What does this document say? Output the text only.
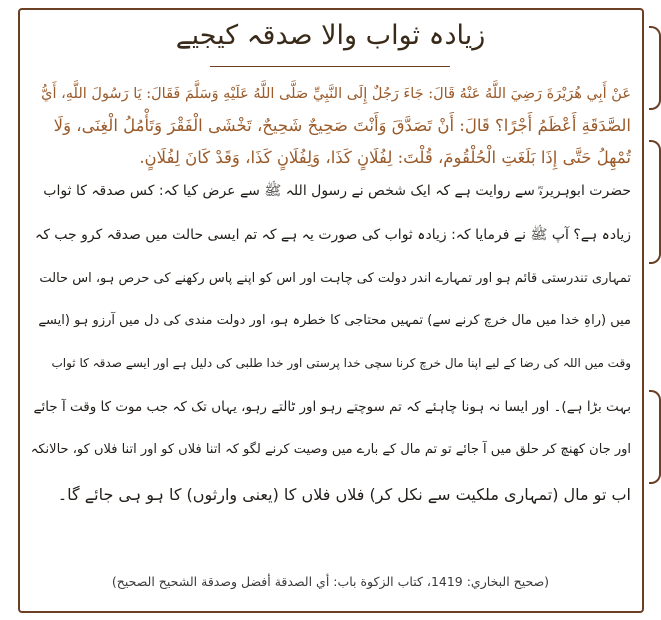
زیادہ ثواب والا صدقہ کیجیے
عَنْ أَبِي هُرَيْرَةَ رَضِيَ اللَّهُ عَنْهُ قَالَ: جَاءَ رَجُلٌ إِلَى النَّبِيِّ صَلَّى اللَّهُ عَلَيْهِ وَسَلَّمَ فَقَالَ: يَا رَسُولَ اللَّهِ، أَيُّ
الصَّدَقَةِ أَعْظَمُ أَجْرًا؟ قَالَ: أَنْ تَصَدَّقَ وَأَنْتَ صَحِيحٌ شَحِيحٌ، تَخْشَى الْفَقْرَ وَتَأْمُلُ الْغِنَى، وَلَا
تُمْهِلُ حَتَّى إِذَا بَلَغَتِ الْحُلْقُومَ، قُلْتَ: لِفُلَانٍ كَذَا، وَلِفُلَانٍ كَذَا، وَقَدْ كَانَ لِفُلَانٍ.
حضرت ابوہریرہؓ سے روایت ہے کہ ایک شخص نے رسول اللہ ﷺ سے عرض کیا کہ: کس صدقہ کا ثواب
زیادہ ہے؟ آپ ﷺ نے فرمایا کہ: زیادہ ثواب کی صورت یہ ہے کہ تم ایسی حالت میں صدقہ کرو جب کہ
تمہاری تندرستی قائم ہو اور تمہارے اندر دولت کی چاہت اور اس کو اپنے پاس رکھنے کی حرص ہو، اس حالت
میں (راہِ خدا میں مال خرچ کرنے سے) تمہیں محتاجی کا خطرہ ہو، اور دولت مندی کی دل میں آرزو ہو (ایسے
وقت میں اللہ کی رضا کے لیے اپنا مال خرچ کرنا سچی خدا پرستی اور خدا طلبی کی دلیل ہے اور ایسے صدقہ کا ثواب
بہت بڑا ہے)۔ اور ایسا نہ ہونا چاہئے کہ تم سوچتے رہو اور ٹالتے رہو، یہاں تک کہ جب موت کا وقت آ جائے
اور جان کھنچ کر حلق میں آ جائے تو تم مال کے بارے میں وصیت کرنے لگو کہ اتنا فلاں کو اور اتنا فلاں کو، حالانکہ
اب تو مال (تمہاری ملکیت سے نکل کر) فلاں فلاں کا (یعنی وارثوں) کا ہو ہی جائے گا۔
(صحيح البخاري: 1419، كتاب الزكوة باب: أي الصدقة أفضل وصدقة الشحيح الصحيح)
